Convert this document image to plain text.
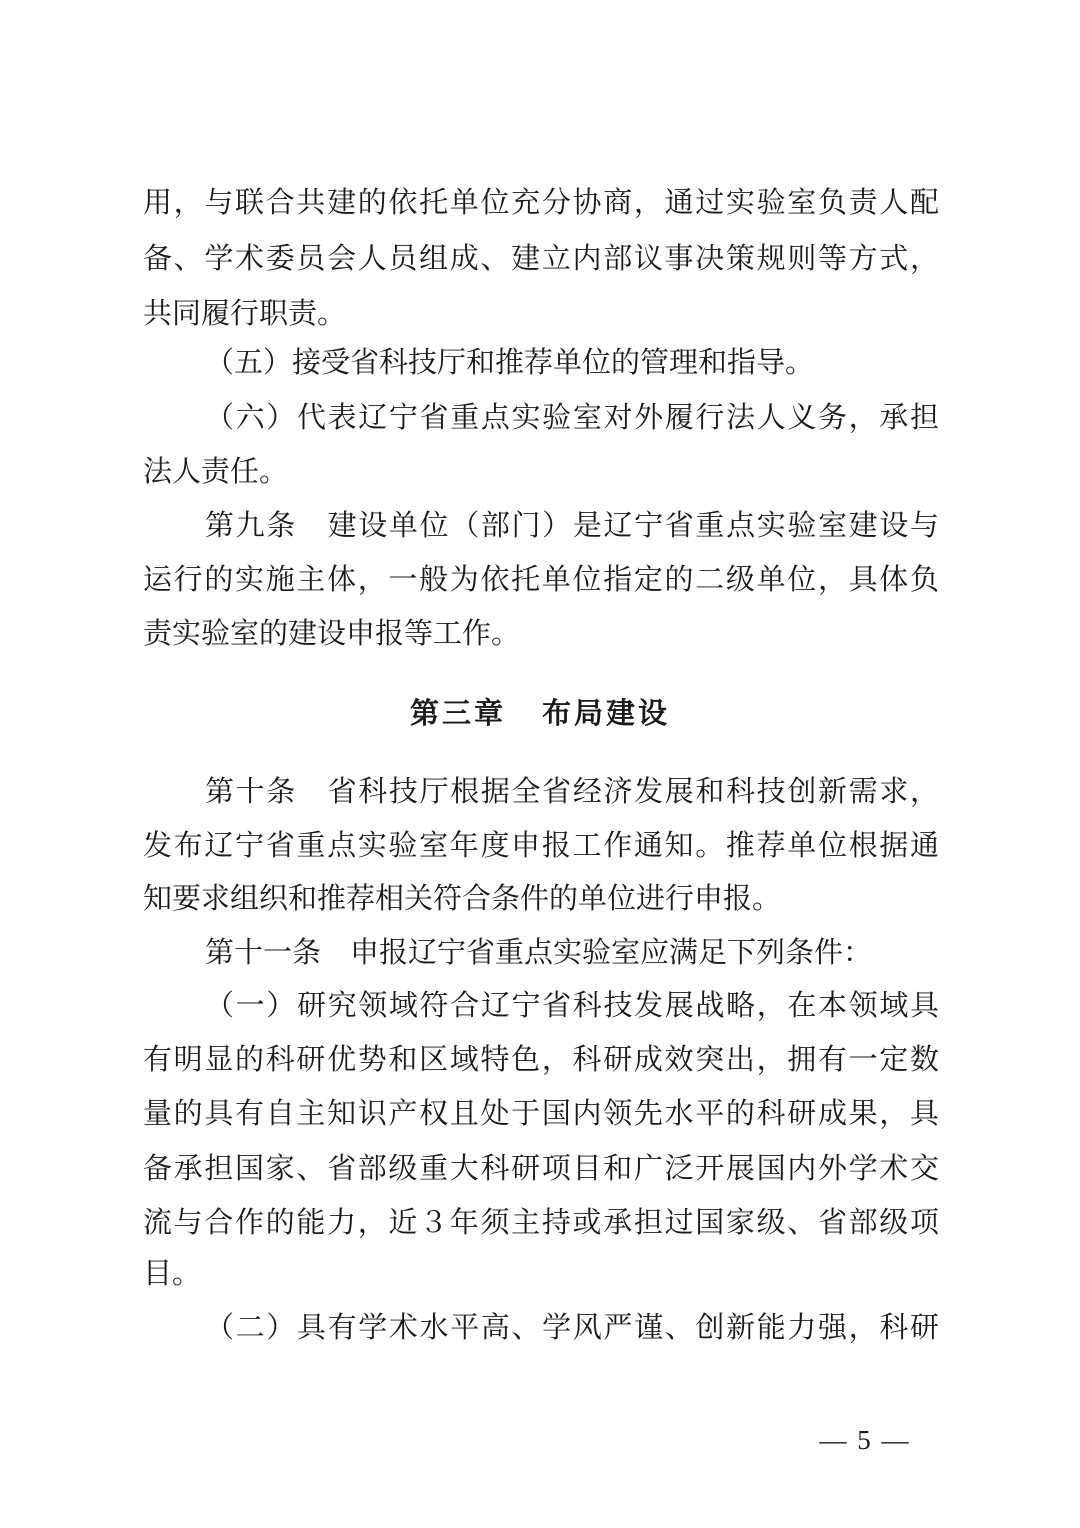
用，与联合共建的依托单位充分协商，通过实验室负责人配
备、学术委员会人员组成、建立内部议事决策规则等方式，
共同履行职责。
（五）接受省科技厅和推荐单位的管理和指导。
（六）代表辽宁省重点实验室对外履行法人义务，承担
法人责任。
第九条　建设单位（部门）是辽宁省重点实验室建设与
运行的实施主体，一般为依托单位指定的二级单位，具体负
责实验室的建设申报等工作。
第三章 布局建设
第十条　省科技厅根据全省经济发展和科技创新需求，
发布辽宁省重点实验室年度申报工作通知。推荐单位根据通
知要求组织和推荐相关符合条件的单位进行申报。
第十一条　申报辽宁省重点实验室应满足下列条件：
（一）研究领域符合辽宁省科技发展战略，在本领域具
有明显的科研优势和区域特色，科研成效突出，拥有一定数
量的具有自主知识产权且处于国内领先水平的科研成果，具
备承担国家、省部级重大科研项目和广泛开展国内外学术交
流与合作的能力，近３年须主持或承担过国家级、省部级项
目。
（二）具有学术水平高、学风严谨、创新能力强，科研
— 5 —
